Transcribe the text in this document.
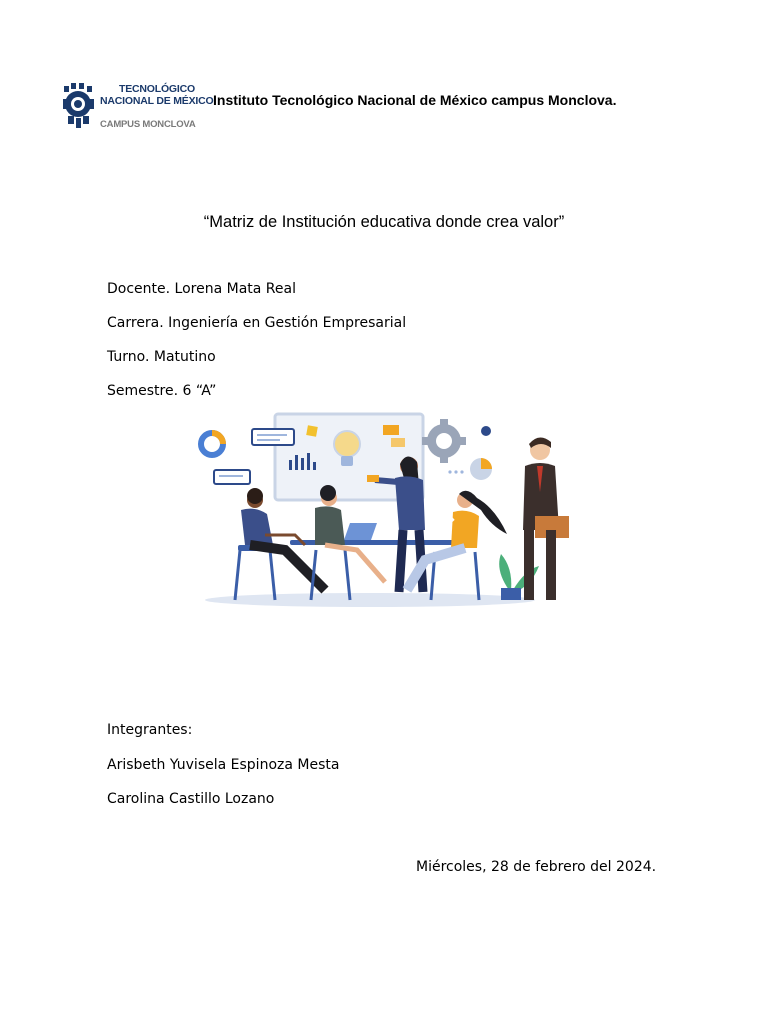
TECNOLÓGICO
NACIONAL DE MÉXICO
CAMPUS MONCLOVA
Instituto Tecnológico Nacional de México campus Monclova.
“Matriz de Institución educativa donde crea valor”
Docente. Lorena Mata Real
Carrera. Ingeniería en Gestión Empresarial
Turno. Matutino
Semestre. 6 “A”
Integrantes:
Arisbeth Yuvisela Espinoza Mesta
Carolina Castillo Lozano
Miércoles, 28 de febrero del 2024.
